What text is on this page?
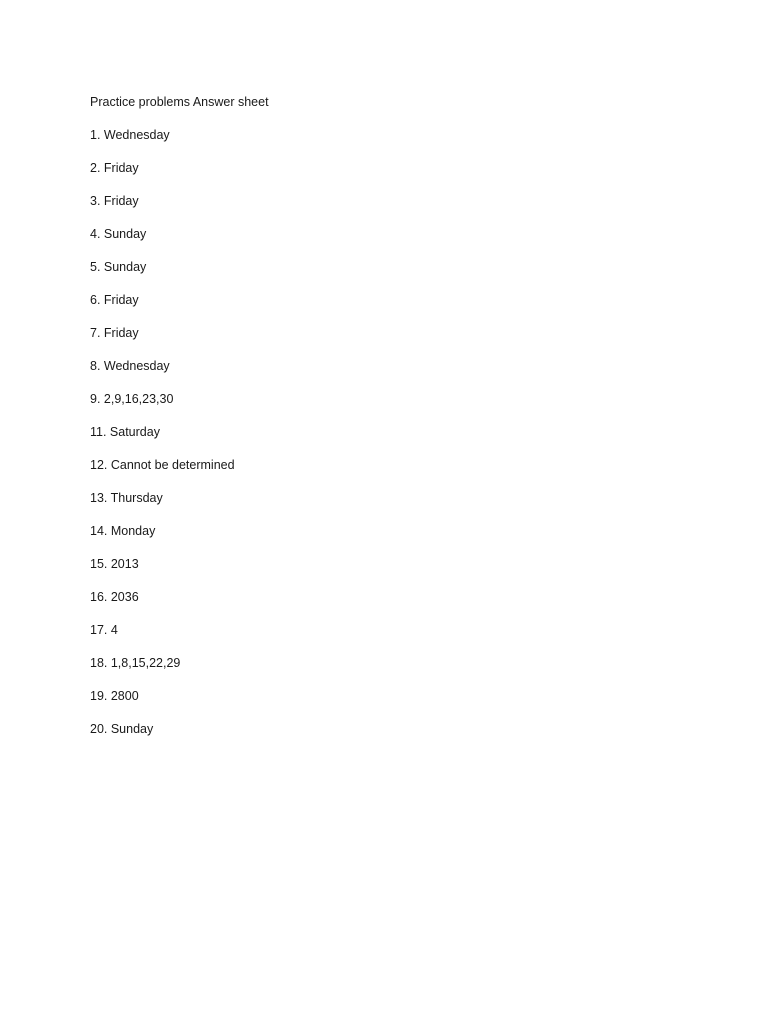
Practice problems Answer sheet
1. Wednesday
2. Friday
3. Friday
4. Sunday
5. Sunday
6. Friday
7. Friday
8. Wednesday
9. 2,9,16,23,30
11. Saturday
12. Cannot be determined
13. Thursday
14. Monday
15. 2013
16. 2036
17. 4
18. 1,8,15,22,29
19. 2800
20. Sunday
